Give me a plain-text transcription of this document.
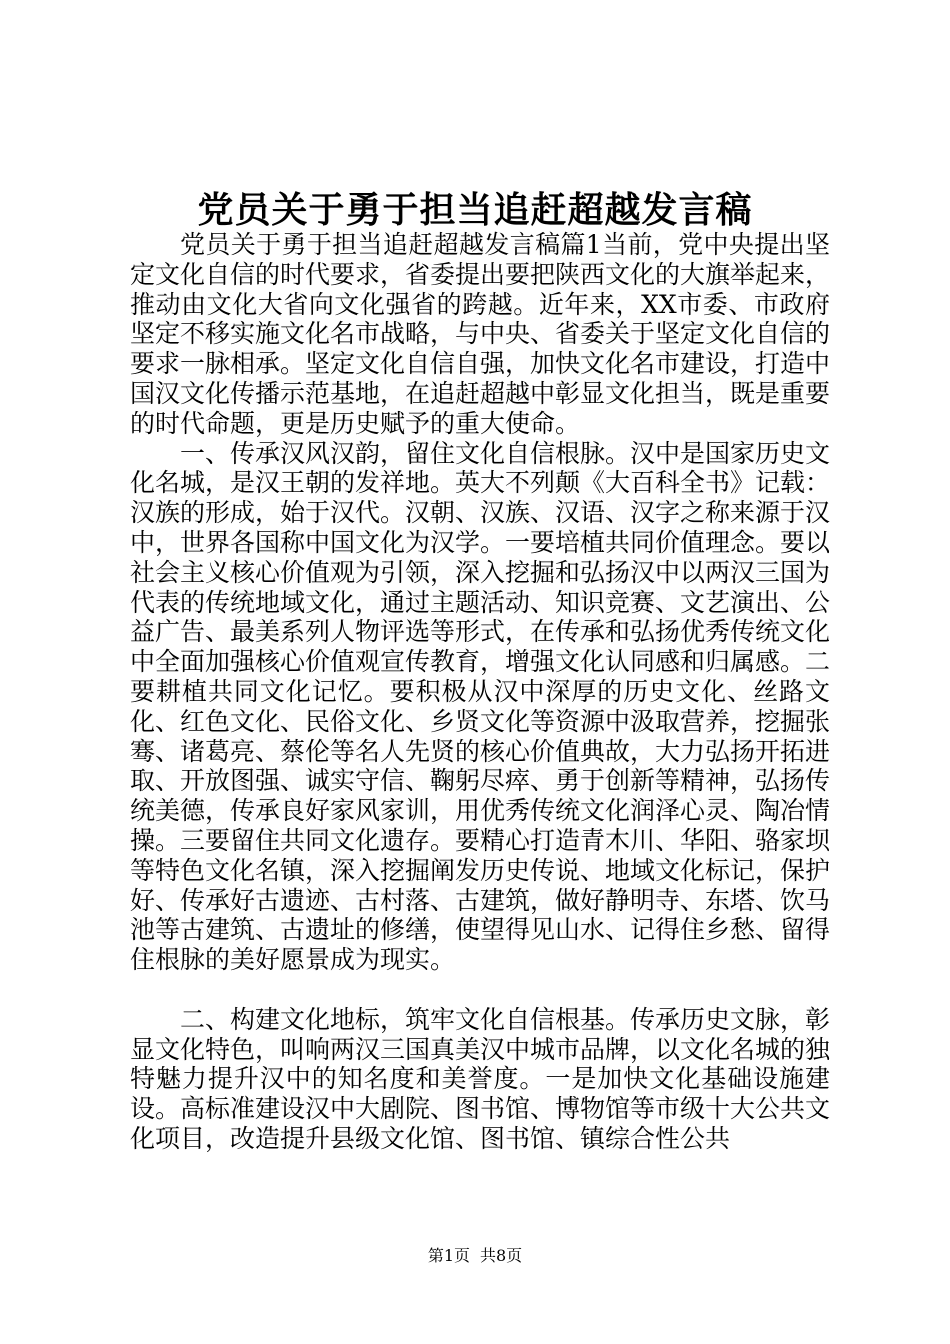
党员关于勇于担当追赶超越发言稿

党员关于勇于担当追赶超越发言稿篇1当前，党中央提出坚定文化自信的时代要求，省委提出要把陕西文化的大旗举起来，推动由文化大省向文化强省的跨越。近年来，XX市委、市政府坚定不移实施文化名市战略，与中央、省委关于坚定文化自信的要求一脉相承。坚定文化自信自强，加快文化名市建设，打造中国汉文化传播示范基地，在追赶超越中彰显文化担当，既是重要的时代命题，更是历史赋予的重大使命。

一、传承汉风汉韵，留住文化自信根脉。汉中是国家历史文化名城，是汉王朝的发祥地。英大不列颠《大百科全书》记载：汉族的形成，始于汉代。汉朝、汉族、汉语、汉字之称来源于汉中，世界各国称中国文化为汉学。一要培植共同价值理念。要以社会主义核心价值观为引领，深入挖掘和弘扬汉中以两汉三国为代表的传统地域文化，通过主题活动、知识竞赛、文艺演出、公益广告、最美系列人物评选等形式，在传承和弘扬优秀传统文化中全面加强核心价值观宣传教育，增强文化认同感和归属感。二要耕植共同文化记忆。要积极从汉中深厚的历史文化、丝路文化、红色文化、民俗文化、乡贤文化等资源中汲取营养，挖掘张骞、诸葛亮、蔡伦等名人先贤的核心价值典故，大力弘扬开拓进取、开放图强、诚实守信、鞠躬尽瘁、勇于创新等精神，弘扬传统美德，传承良好家风家训，用优秀传统文化润泽心灵、陶冶情操。三要留住共同文化遗存。要精心打造青木川、华阳、骆家坝等特色文化名镇，深入挖掘阐发历史传说、地域文化标记，保护好、传承好古遗迹、古村落、古建筑，做好静明寺、东塔、饮马池等古建筑、古遗址的修缮，使望得见山水、记得住乡愁、留得住根脉的美好愿景成为现实。

二、构建文化地标，筑牢文化自信根基。传承历史文脉，彰显文化特色，叫响两汉三国真美汉中城市品牌，以文化名城的独特魅力提升汉中的知名度和美誉度。一是加快文化基础设施建设。高标准建设汉中大剧院、图书馆、博物馆等市级十大公共文化项目，改造提升县级文化馆、图书馆、镇综合性公共

第1页 共8页
